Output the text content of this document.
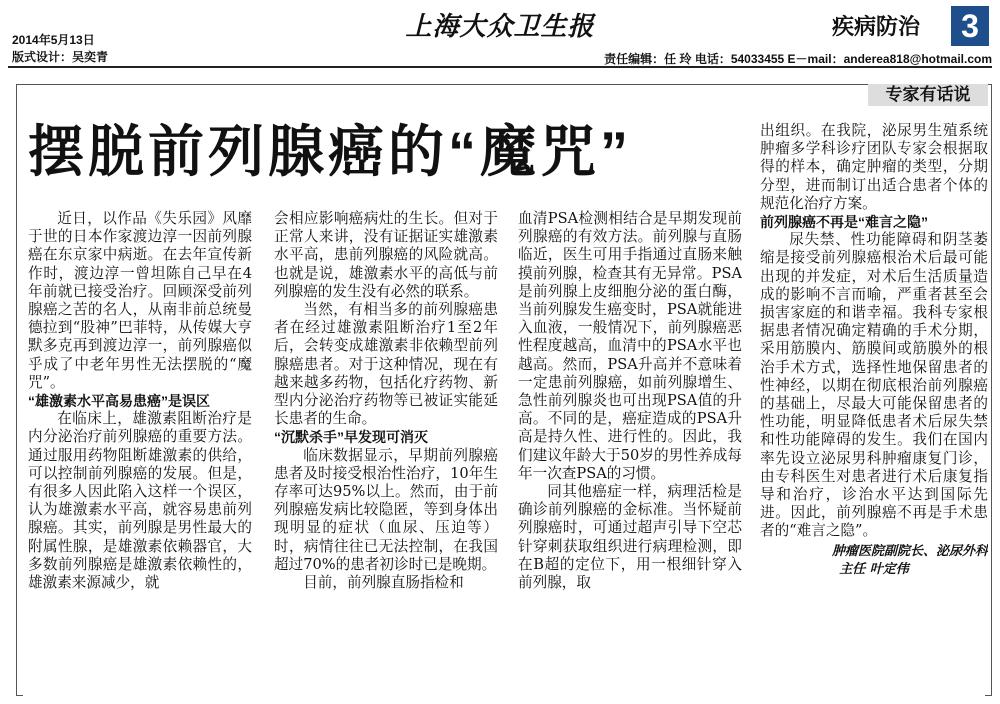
2014年5月13日
版式设计：吴奕青
上海大众卫生报	疾病防治	3
责任编辑：任 玲 电话：54033455 E－mail：anderea818@hotmail.com
专家有话说
摆脱前列腺癌的“魔咒”

近日，以作品《失乐园》风靡于世的日本作家渡边淳一因前列腺癌在东京家中病逝。在去年宣传新作时，渡边淳一曾坦陈自己早在4年前就已接受治疗。回顾深受前列腺癌之苦的名人，从南非前总统曼德拉到“股神”巴菲特，从传媒大亨默多克再到渡边淳一，前列腺癌似乎成了中老年男性无法摆脱的“魔咒”。

“雄激素水平高易患癌”是误区

在临床上，雄激素阻断治疗是内分泌治疗前列腺癌的重要方法。通过服用药物阻断雄激素的供给，可以控制前列腺癌的发展。但是，有很多人因此陷入这样一个误区，认为雄激素水平高，就容易患前列腺癌。其实，前列腺是男性最大的附属性腺，是雄激素依赖器官，大多数前列腺癌是雄激素依赖性的，雄激素来源减少，就

会相应影响癌病灶的生长。但对于正常人来讲，没有证据证实雄激素水平高，患前列腺癌的风险就高。也就是说，雄激素水平的高低与前列腺癌的发生没有必然的联系。

当然，有相当多的前列腺癌患者在经过雄激素阻断治疗1至2年后，会转变成雄激素非依赖型前列腺癌患者。对于这种情况，现在有越来越多药物，包括化疗药物、新型内分泌治疗药物等已被证实能延长患者的生命。

“沉默杀手”早发现可消灭

临床数据显示，早期前列腺癌患者及时接受根治性治疗，10年生存率可达95%以上。然而，由于前列腺癌发病比较隐匿，等到身体出现明显的症状（血尿、压迫等）时，病情往往已无法控制，在我国超过70%的患者初诊时已是晚期。

目前，前列腺直肠指检和

血清PSA检测相结合是早期发现前列腺癌的有效方法。前列腺与直肠临近，医生可用手指通过直肠来触摸前列腺，检查其有无异常。PSA是前列腺上皮细胞分泌的蛋白酶，当前列腺发生癌变时，PSA就能进入血液，一般情况下，前列腺癌恶性程度越高，血清中的PSA水平也越高。然而，PSA升高并不意味着一定患前列腺癌，如前列腺增生、急性前列腺炎也可出现PSA值的升高。不同的是，癌症造成的PSA升高是持久性、进行性的。因此，我们建议年龄大于50岁的男性养成每年一次查PSA的习惯。

同其他癌症一样，病理活检是确诊前列腺癌的金标准。当怀疑前列腺癌时，可通过超声引导下空芯针穿刺获取组织进行病理检测，即在B超的定位下，用一根细针穿入前列腺，取

出组织。在我院，泌尿男生殖系统肿瘤多学科诊疗团队专家会根据取得的样本，确定肿瘤的类型，分期分型，进而制订出适合患者个体的规范化治疗方案。

前列腺癌不再是“难言之隐”

尿失禁、性功能障碍和阴茎萎缩是接受前列腺癌根治术后最可能出现的并发症，对术后生活质量造成的影响不言而喻，严重者甚至会损害家庭的和谐幸福。我科专家根据患者情况确定精确的手术分期，采用筋膜内、筋膜间或筋膜外的根治手术方式，选择性地保留患者的性神经，以期在彻底根治前列腺癌的基础上，尽最大可能保留患者的性功能，明显降低患者术后尿失禁和性功能障碍的发生。我们在国内率先设立泌尿男科肿瘤康复门诊，由专科医生对患者进行术后康复指导和治疗，诊治水平达到国际先进。因此，前列腺癌不再是手术患者的“难言之隐”。

肿瘤医院副院长、泌尿外科
主任 叶定伟
